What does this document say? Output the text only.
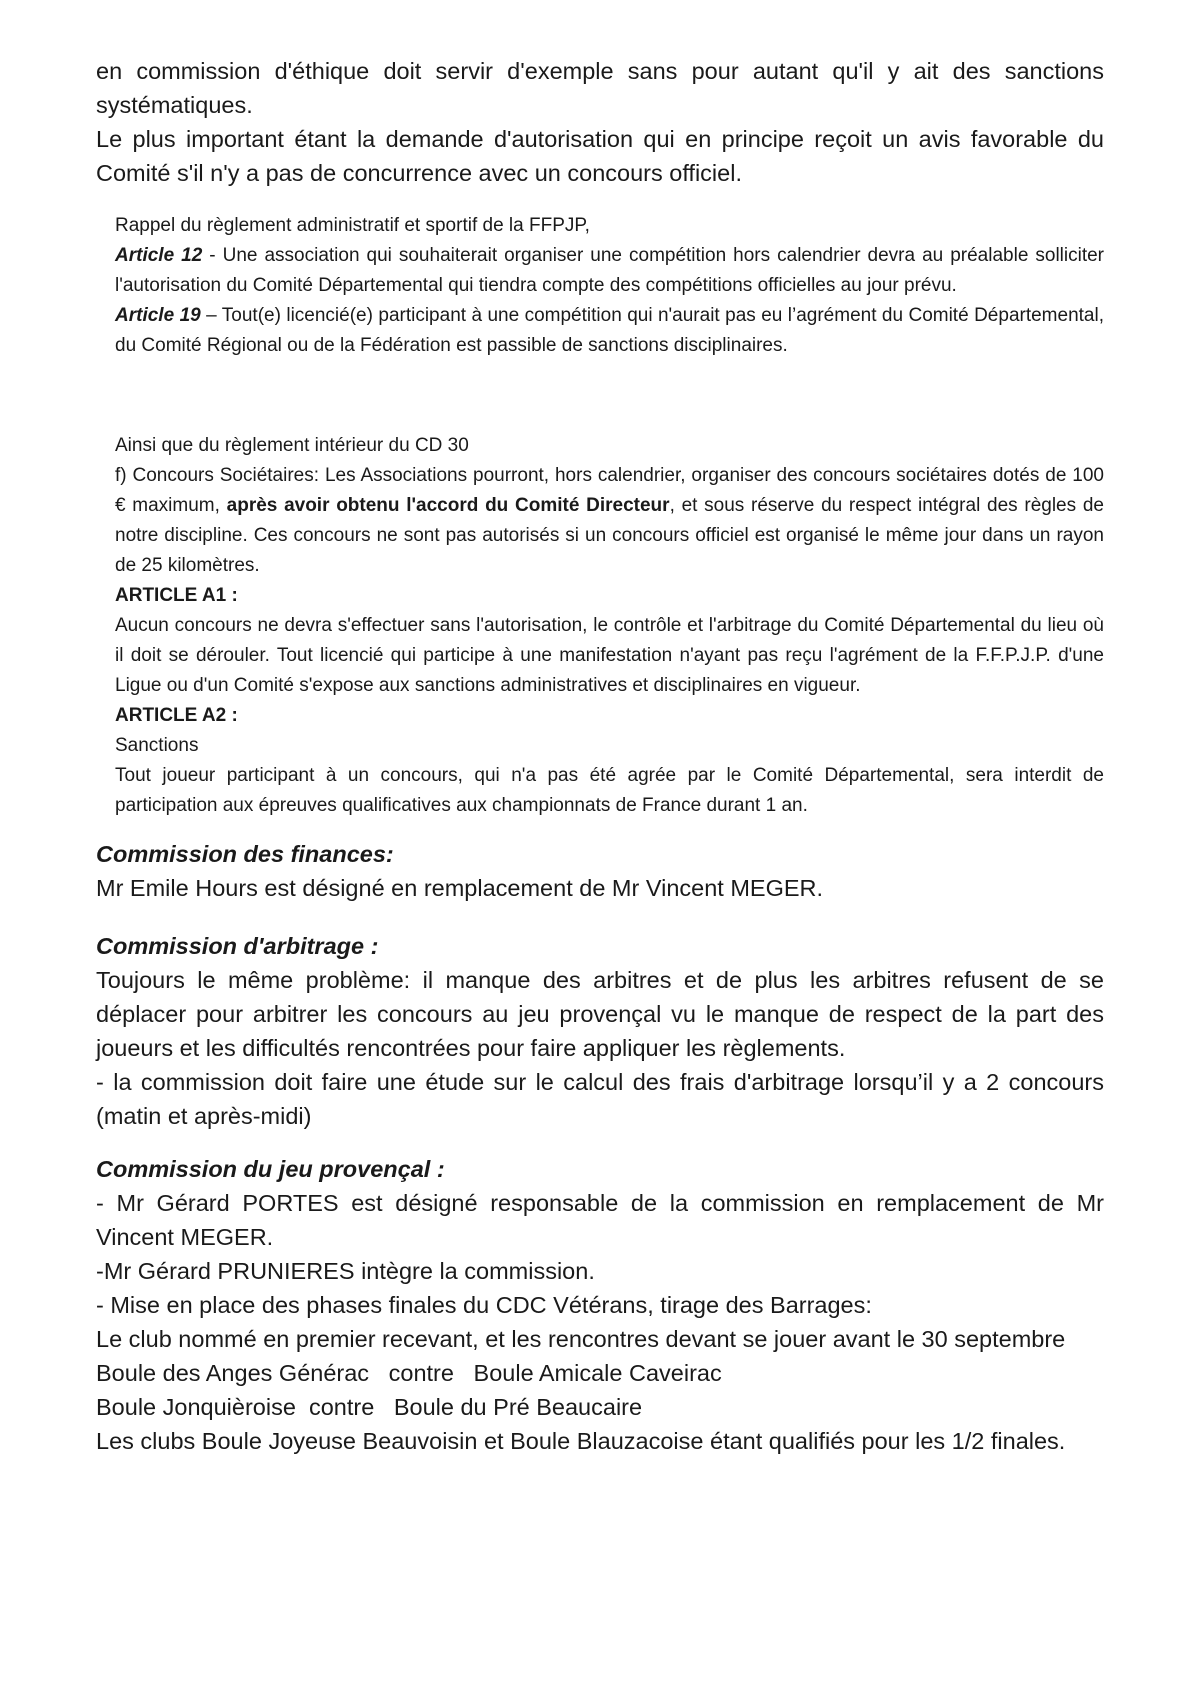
en commission d'éthique doit servir d'exemple sans pour autant qu'il y ait des sanctions systématiques.

Le plus important étant la demande d'autorisation qui en principe reçoit un avis favorable du Comité s'il n'y a pas de concurrence avec un concours officiel.

Rappel du règlement administratif et sportif de la FFPJP,

Article 12 - Une association qui souhaiterait organiser une compétition hors calendrier devra au préalable solliciter l'autorisation du Comité Départemental qui tiendra compte des compétitions officielles au jour prévu.

Article 19 – Tout(e) licencié(e) participant à une compétition qui n'aurait pas eu l’agrément du Comité Départemental, du Comité Régional ou de la Fédération est passible de sanctions disciplinaires.

Ainsi que du règlement intérieur du CD 30

f) Concours Sociétaires: Les Associations pourront, hors calendrier, organiser des concours sociétaires dotés de 100 € maximum, après avoir obtenu l'accord du Comité Directeur, et sous réserve du respect intégral des règles de notre discipline. Ces concours ne sont pas autorisés si un concours officiel est organisé le même jour dans un rayon de 25 kilomètres.

ARTICLE A1 :

Aucun concours ne devra s'effectuer sans l'autorisation, le contrôle et l'arbitrage du Comité Départemental du lieu où il doit se dérouler. Tout licencié qui participe à une manifestation n'ayant pas reçu l'agrément de la F.F.P.J.P. d'une Ligue ou d'un Comité s'expose aux sanctions administratives et disciplinaires en vigueur.

ARTICLE A2 :

Sanctions

Tout joueur participant à un concours, qui n'a pas été agrée par le Comité Départemental, sera interdit de participation aux épreuves qualificatives aux championnats de France durant 1 an.

Commission des finances:

Mr Emile Hours est désigné en remplacement de Mr Vincent MEGER.

Commission d'arbitrage :

Toujours le même problème: il manque des arbitres et de plus les arbitres refusent de se déplacer pour arbitrer les concours au jeu provençal vu le manque de respect de la part des joueurs et les difficultés rencontrées pour faire appliquer les règlements.

- la commission doit faire une étude sur le calcul des frais d'arbitrage lorsqu’il y a 2 concours (matin et après-midi)

Commission du jeu provençal :

- Mr Gérard PORTES est désigné responsable de la commission en remplacement de Mr Vincent MEGER.

-Mr Gérard PRUNIERES intègre la commission.

- Mise en place des phases finales du CDC Vétérans, tirage des Barrages:

Le club nommé en premier recevant, et les rencontres devant se jouer avant le 30 septembre

Boule des Anges Générac   contre   Boule Amicale Caveirac

Boule Jonquièroise  contre   Boule du Pré Beaucaire

Les clubs Boule Joyeuse Beauvoisin et Boule Blauzacoise étant qualifiés pour les 1/2 finales.
